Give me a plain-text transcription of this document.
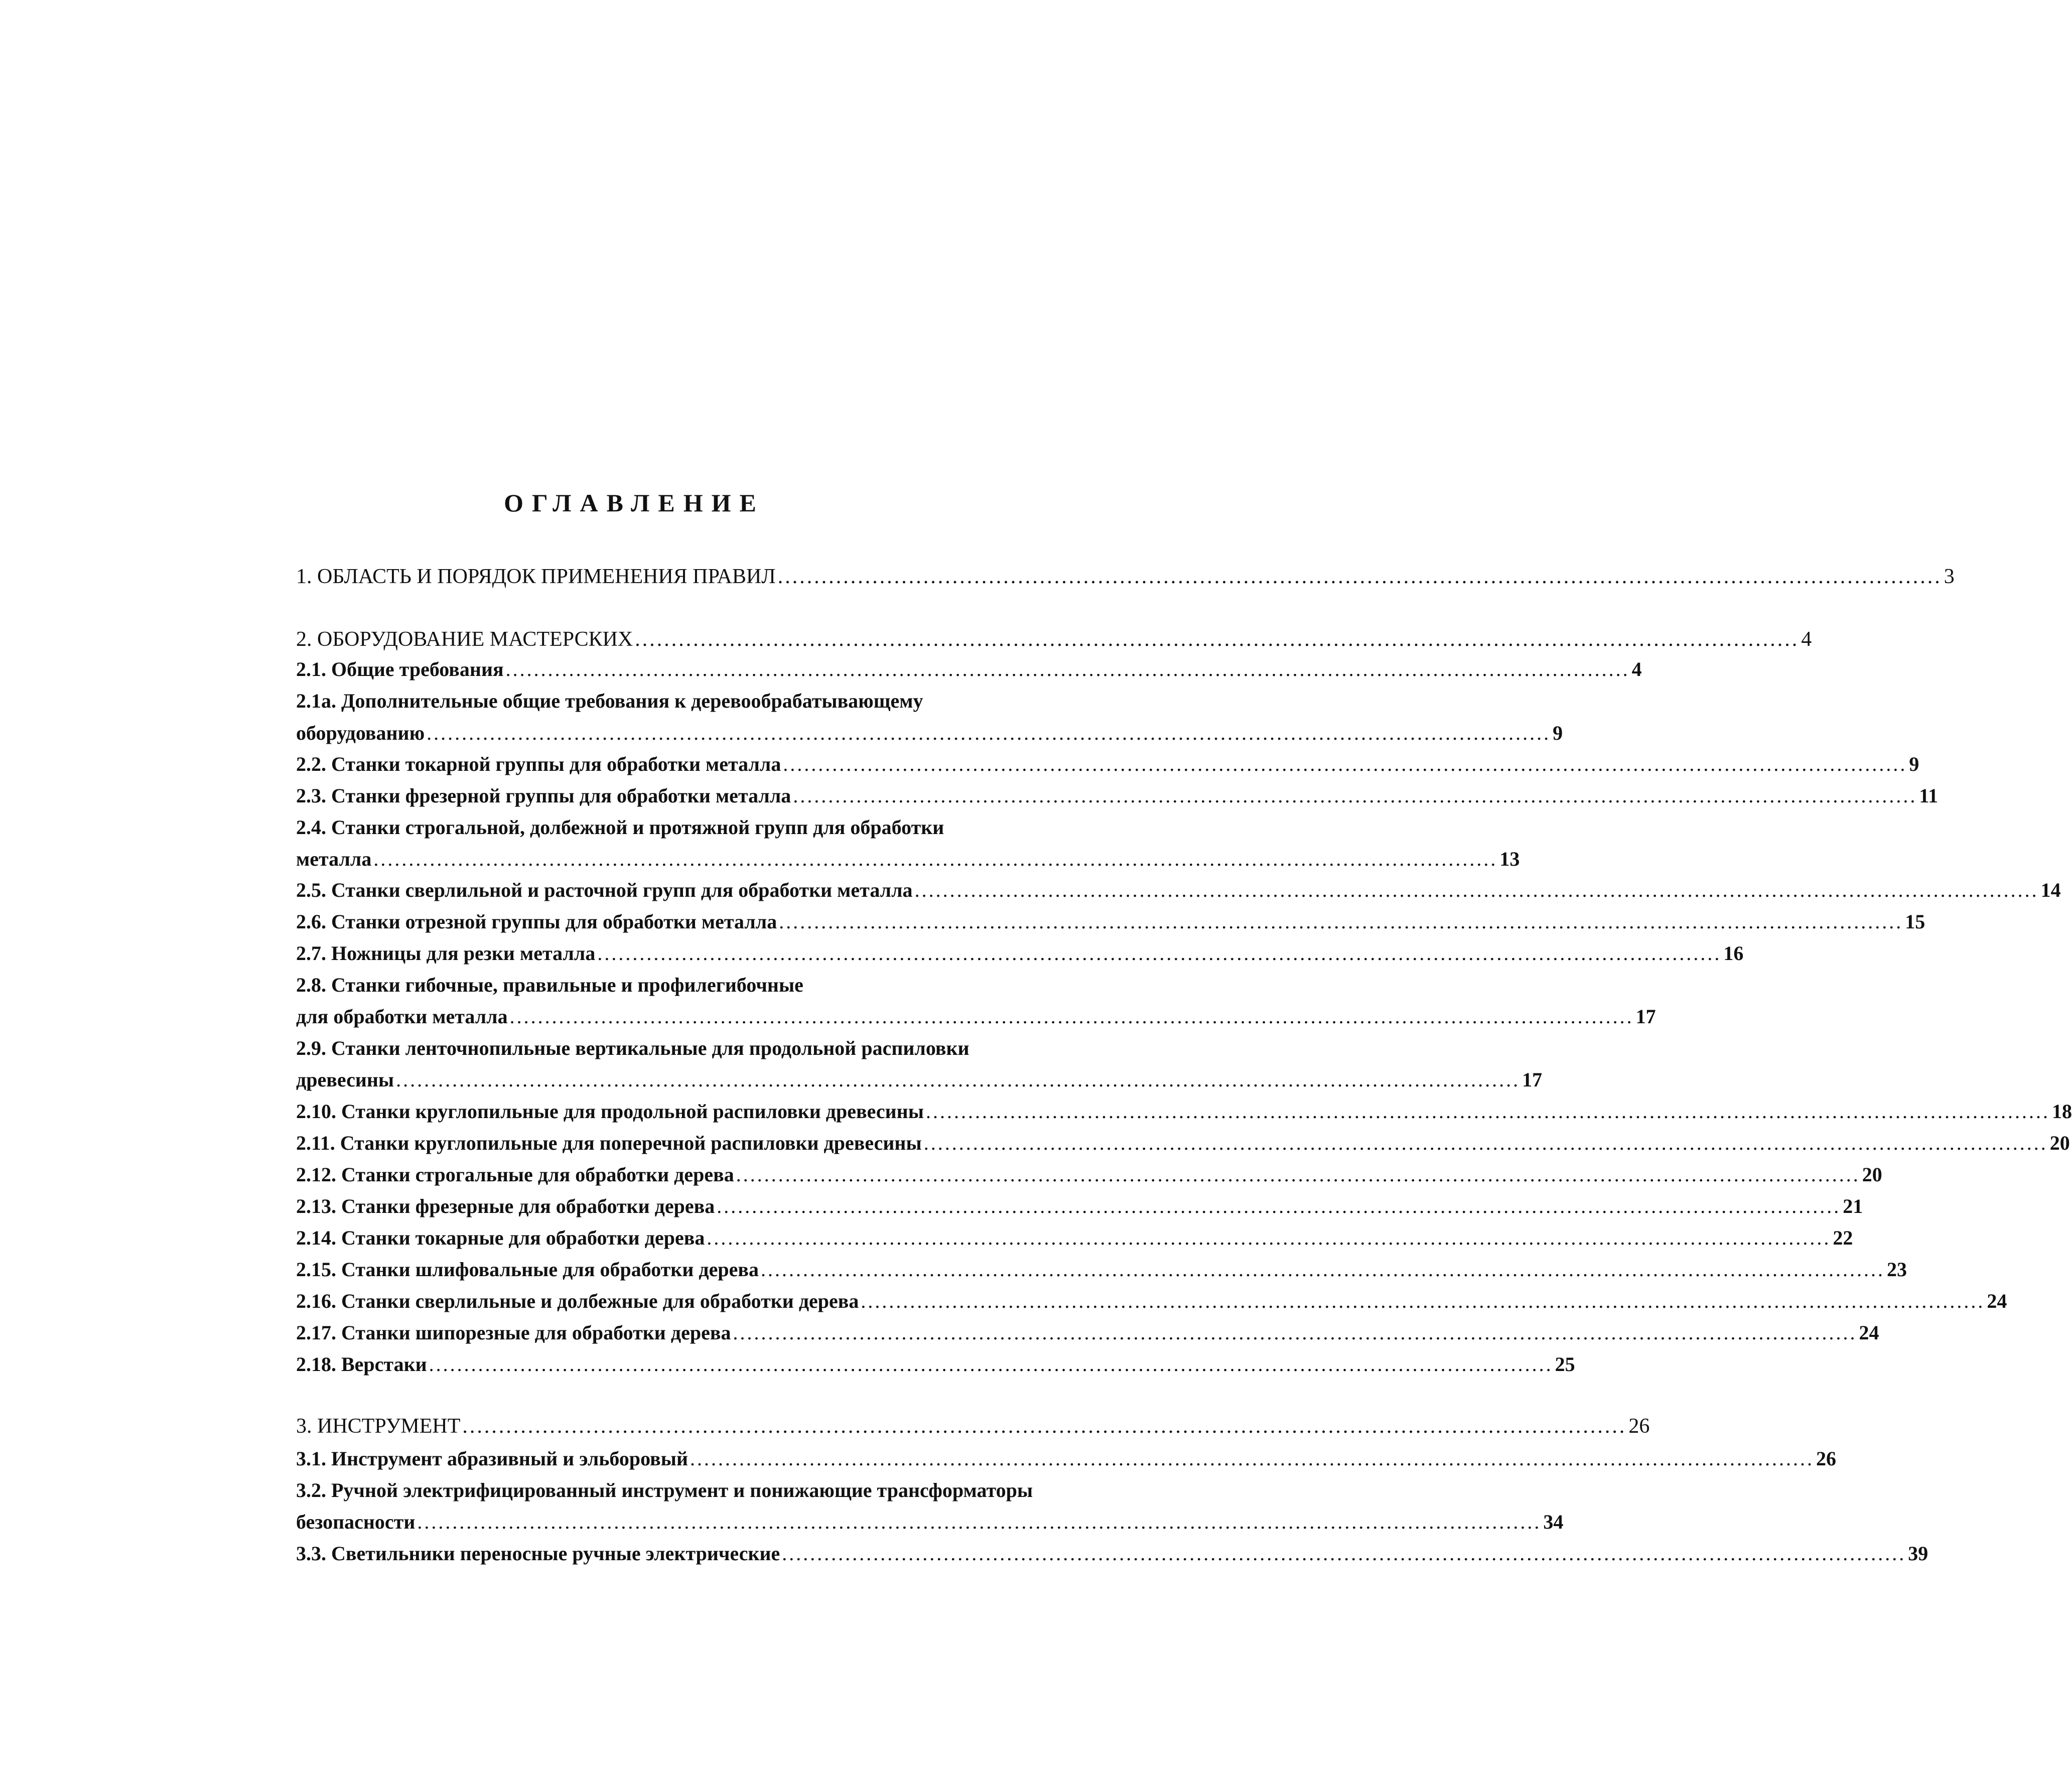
ОГЛАВЛЕНИЕ
1. ОБЛАСТЬ И ПОРЯДОК ПРИМЕНЕНИЯ ПРАВИЛ ................................................................................................................................................................ 3
2. ОБОРУДОВАНИЕ МАСТЕРСКИХ ................................................................................................................................................................ 4
2.1. Общие требования ................................................................................................................................................................ 4
2.1а. Дополнительные общие требования к деревообрабатывающему
оборудованию ................................................................................................................................................................ 9
2.2. Станки токарной группы для обработки металла ................................................................................................................................................................ 9
2.3. Станки фрезерной группы для обработки металла ................................................................................................................................................................ 11
2.4. Станки строгальной, долбежной и протяжной групп для обработки
металла ................................................................................................................................................................ 13
2.5. Станки сверлильной и расточной групп для обработки металла ................................................................................................................................................................ 14
2.6. Станки отрезной группы для обработки металла ................................................................................................................................................................ 15
2.7. Ножницы для резки металла ................................................................................................................................................................ 16
2.8. Станки гибочные, правильные и профилегибочные
для обработки металла ................................................................................................................................................................ 17
2.9. Станки ленточнопильные вертикальные для продольной распиловки
древесины ................................................................................................................................................................ 17
2.10. Станки круглопильные для продольной распиловки древесины ................................................................................................................................................................ 18
2.11. Станки круглопильные для поперечной распиловки древесины ................................................................................................................................................................ 20
2.12. Станки строгальные для обработки дерева ................................................................................................................................................................ 20
2.13. Станки фрезерные для обработки дерева ................................................................................................................................................................ 21
2.14. Станки токарные для обработки дерева ................................................................................................................................................................ 22
2.15. Станки шлифовальные для обработки дерева ................................................................................................................................................................ 23
2.16. Станки сверлильные и долбежные для обработки дерева ................................................................................................................................................................ 24
2.17. Станки шипорезные для обработки дерева ................................................................................................................................................................ 24
2.18. Верстаки ................................................................................................................................................................ 25
3. ИНСТРУМЕНТ ................................................................................................................................................................ 26
3.1. Инструмент абразивный и эльборовый ................................................................................................................................................................ 26
3.2. Ручной электрифицированный инструмент и понижающие трансформаторы
безопасности ................................................................................................................................................................ 34
3.3. Светильники переносные ручные электрические ................................................................................................................................................................ 39
